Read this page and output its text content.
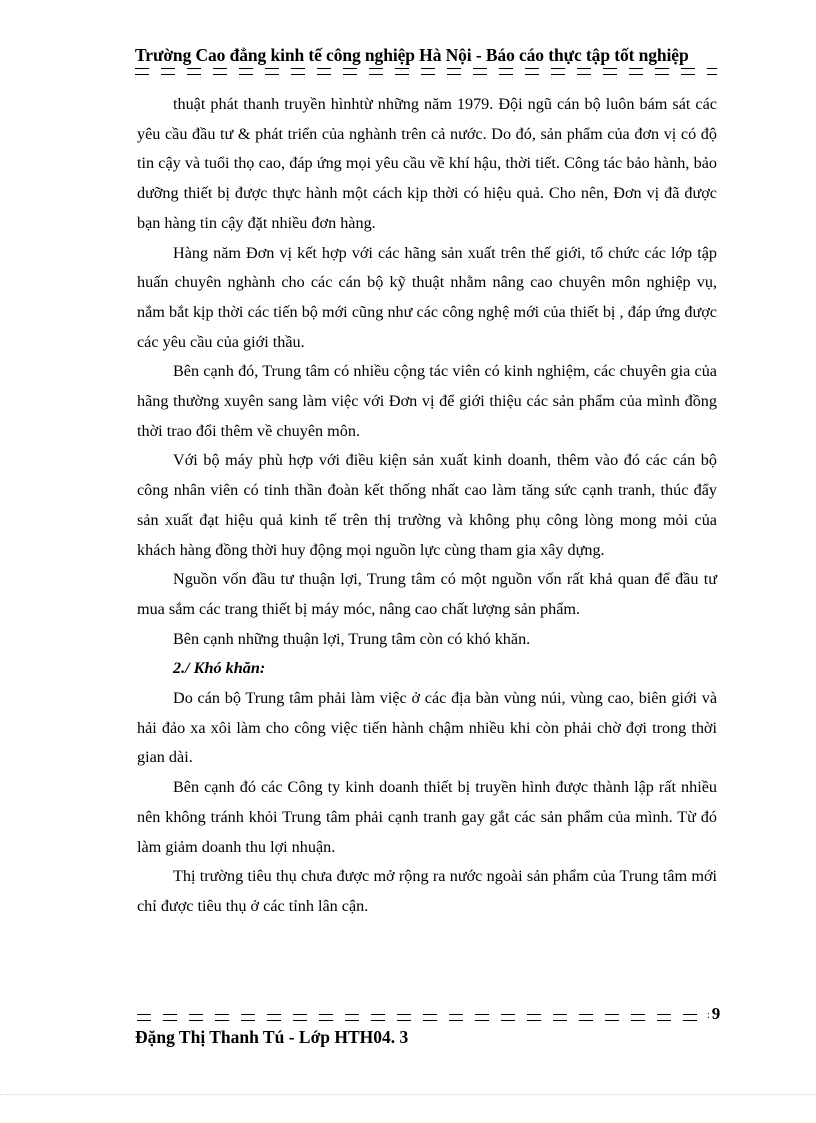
Trường Cao đẳng kinh tế công nghiệp Hà Nội - Báo cáo thực tập tốt nghiệp

thuật phát thanh truyền hìnhtừ những năm 1979. Đội ngũ cán bộ luôn bám sát các yêu cầu đầu tư & phát triển của nghành trên cả nước. Do đó, sản phẩm của đơn vị có độ tin cậy và tuổi thọ cao, đáp ứng mọi yêu cầu về khí hậu, thời tiết. Công tác bảo hành, bảo dưỡng thiết bị được thực hành một cách kịp thời có hiệu quả. Cho nên, Đơn vị đã được bạn hàng tin cậy đặt nhiều đơn hàng.

Hàng năm Đơn vị kết hợp với các hãng sản xuất trên thế giới, tổ chức các lớp tập huấn chuyên nghành cho các cán bộ kỹ thuật nhằm nâng cao chuyên môn nghiệp vụ, nắm bắt kịp thời các tiến bộ mới cũng như các công nghệ mới của thiết bị , đáp ứng được các yêu cầu của giới thầu.

Bên cạnh đó, Trung tâm có nhiều cộng tác viên có kinh nghiệm, các chuyên gia của hãng thường xuyên sang làm việc với Đơn vị để giới thiệu các sản phẩm của mình đồng thời trao đổi thêm về chuyên môn.

Với bộ máy phù hợp với điều kiện sản xuất kinh doanh, thêm vào đó các cán bộ công nhân viên có tinh thần đoàn kết thống nhất cao làm tăng sức cạnh tranh, thúc đẩy sản xuất đạt hiệu quả kinh tế trên thị trường và không phụ công lòng mong mỏi của khách hàng đồng thời huy động mọi nguồn lực cùng tham gia xây dựng.

Nguồn vốn đầu tư thuận lợi, Trung tâm có một nguồn vốn rất khả quan để đầu tư mua sắm các trang thiết bị máy móc, nâng cao chất lượng sản phẩm.

Bên cạnh những thuận lợi, Trung tâm còn có khó khăn.

2./ Khó khăn:

Do cán bộ Trung tâm phải làm việc ở các địa bàn vùng núi, vùng cao, biên giới và hải đảo xa xôi làm cho công việc tiến hành chậm nhiều khi còn phải chờ đợi trong thời gian dài.

Bên cạnh đó các Công ty kinh doanh thiết bị truyền hình được thành lập rất nhiều nên không tránh khỏi Trung tâm phải cạnh tranh gay gắt các sản phẩm của mình. Từ đó làm giảm doanh thu lợi nhuận.

Thị trường tiêu thụ chưa được mở rộng ra nước ngoài sản phẩm của Trung tâm mới chỉ được tiêu thụ ở các tỉnh lân cận.

: 9
Đặng Thị Thanh Tú - Lớp HTH04. 3
